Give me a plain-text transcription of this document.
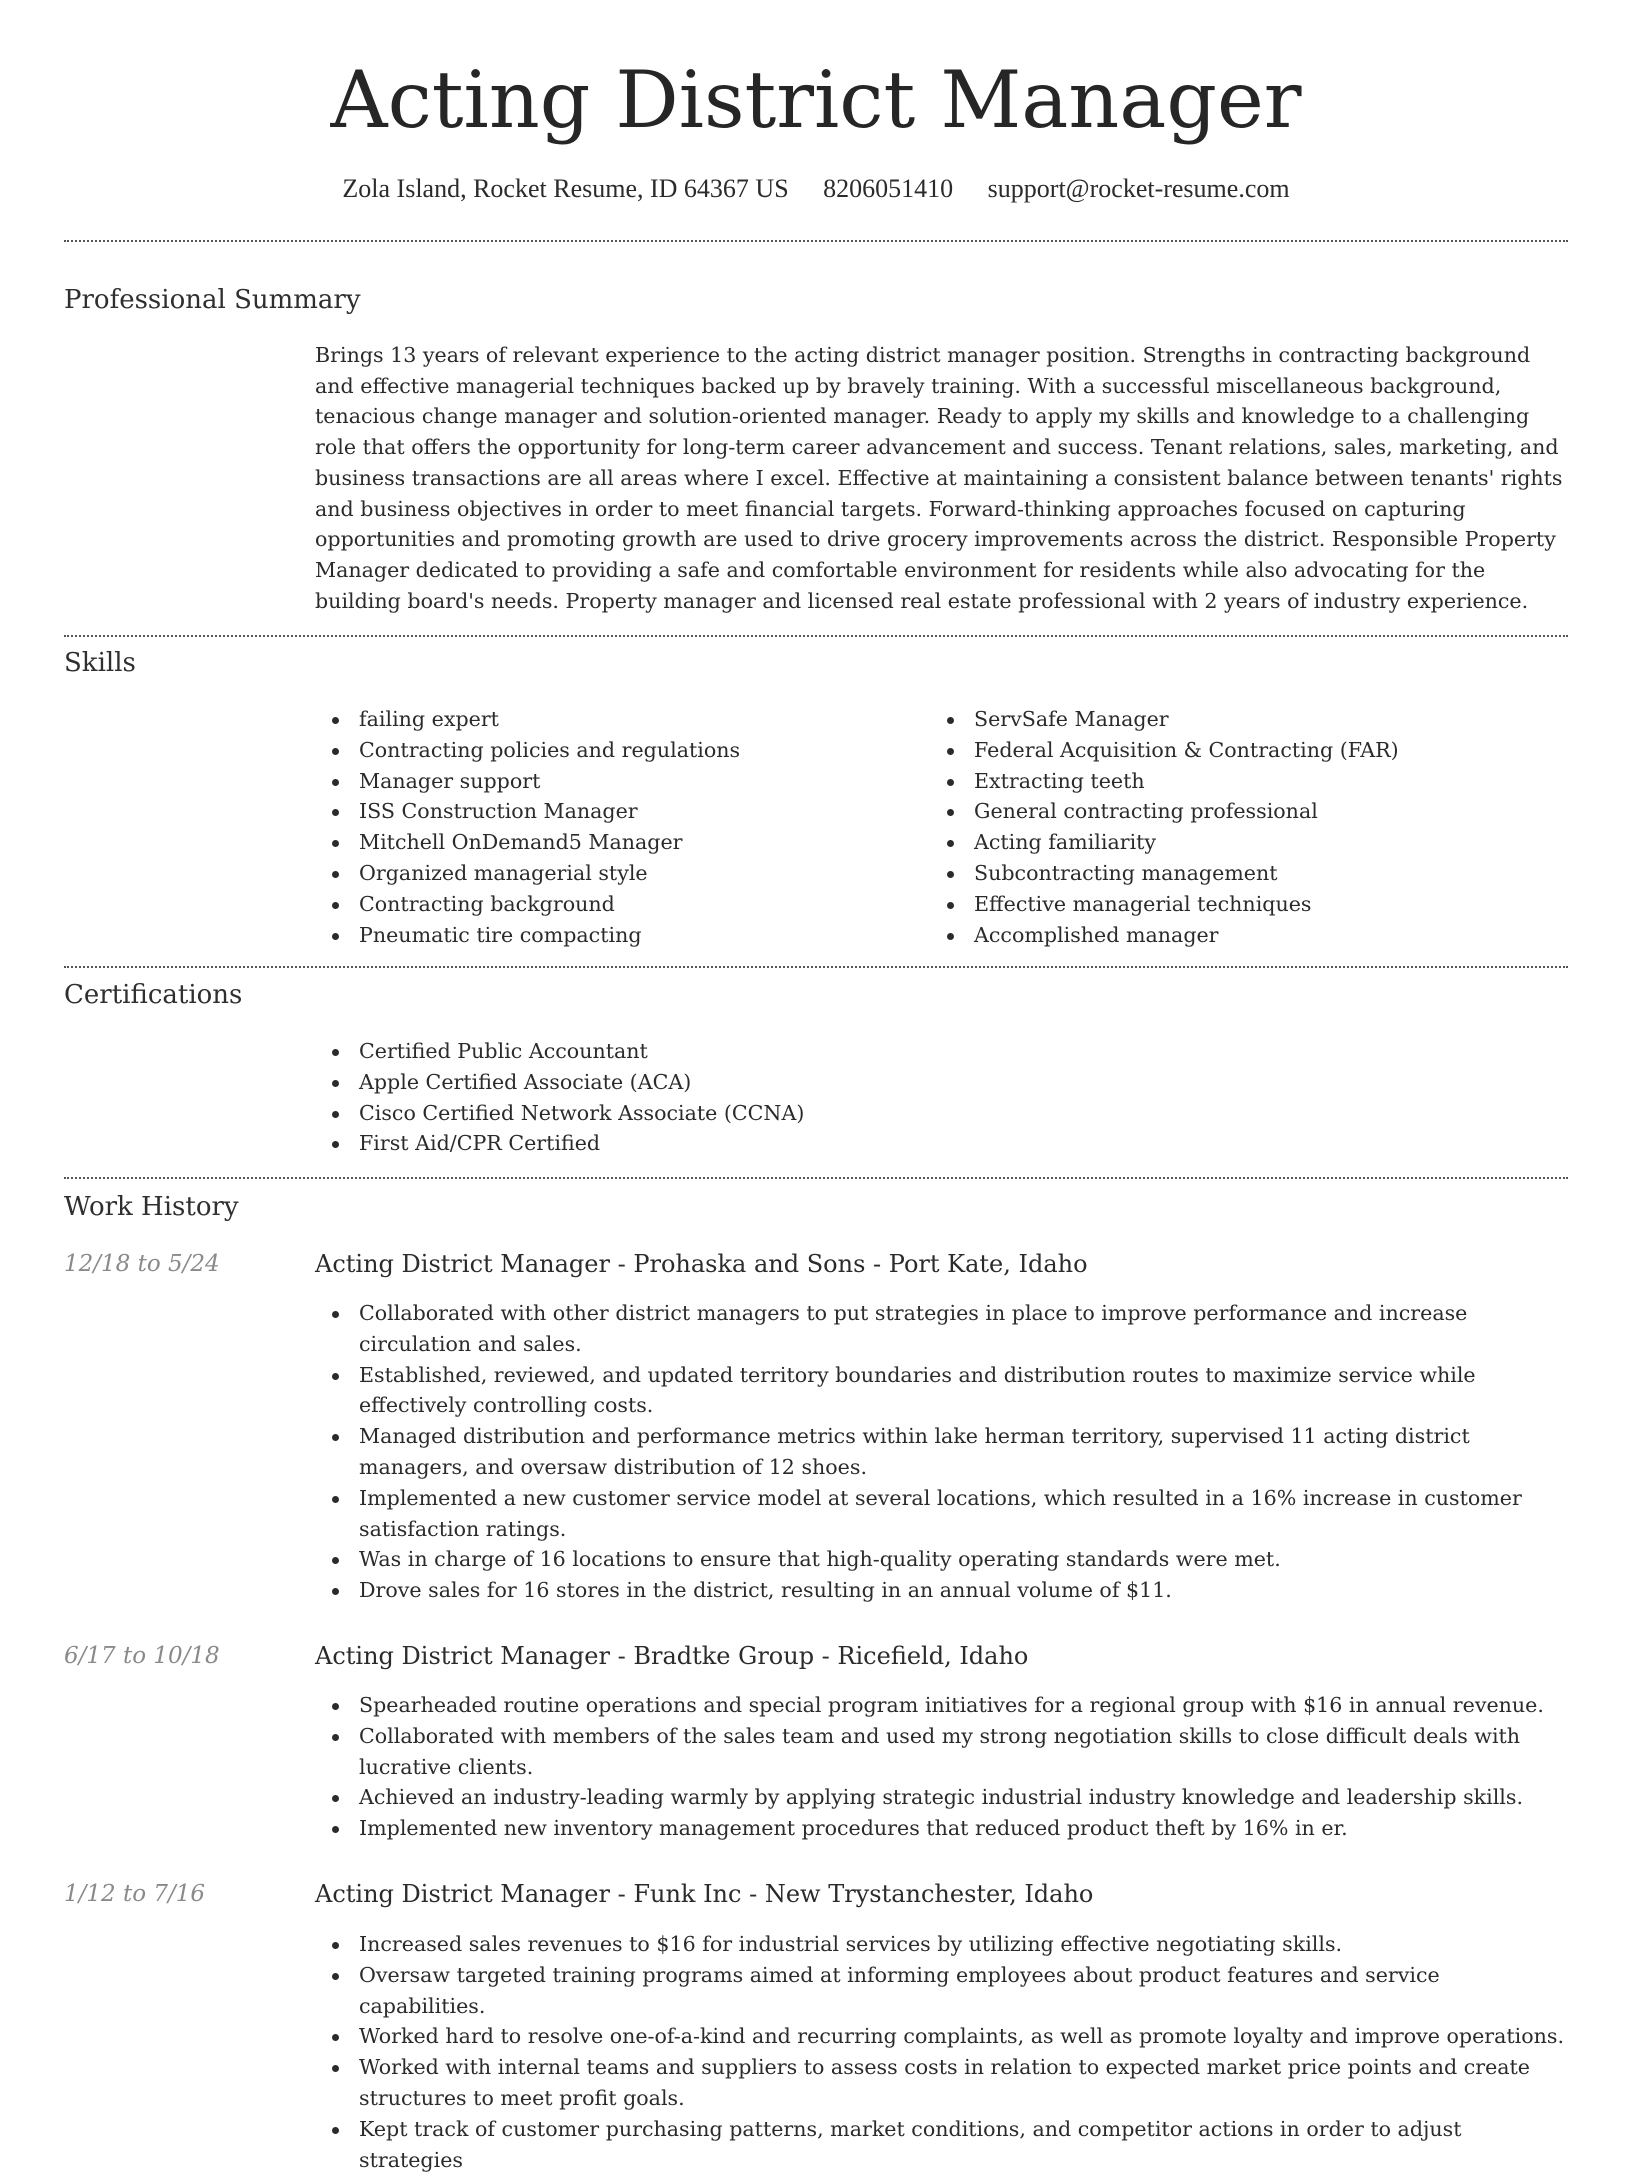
Acting District Manager
Zola Island, Rocket Resume, ID 64367 US 8206051410 support@rocket-resume.com
Professional Summary

Brings 13 years of relevant experience to the acting district manager position. Strengths in contracting background and effective managerial techniques backed up by bravely training. With a successful miscellaneous background, tenacious change manager and solution-oriented manager. Ready to apply my skills and knowledge to a challenging role that offers the opportunity for long-term career advancement and success. Tenant relations, sales, marketing, and business transactions are all areas where I excel. Effective at maintaining a consistent balance between tenants' rights and business objectives in order to meet financial targets. Forward-thinking approaches focused on capturing opportunities and promoting growth are used to drive grocery improvements across the district. Responsible Property Manager dedicated to providing a safe and comfortable environment for residents while also advocating for the building board's needs. Property manager and licensed real estate professional with 2 years of industry experience.

Skills
failing expert
Contracting policies and regulations
Manager support
ISS Construction Manager
Mitchell OnDemand5 Manager
Organized managerial style
Contracting background
Pneumatic tire compacting
ServSafe Manager
Federal Acquisition & Contracting (FAR)
Extracting teeth
General contracting professional
Acting familiarity
Subcontracting management
Effective managerial techniques
Accomplished manager
Certifications
Certified Public Accountant
Apple Certified Associate (ACA)
Cisco Certified Network Associate (CCNA)
First Aid/CPR Certified
Work History
12/18 to 5/24	Acting District Manager - Prohaska and Sons - Port Kate, Idaho
Collaborated with other district managers to put strategies in place to improve performance and increase circulation and sales.
Established, reviewed, and updated territory boundaries and distribution routes to maximize service while effectively controlling costs.
Managed distribution and performance metrics within lake herman territory, supervised 11 acting district managers, and oversaw distribution of 12 shoes.
Implemented a new customer service model at several locations, which resulted in a 16% increase in customer satisfaction ratings.
Was in charge of 16 locations to ensure that high-quality operating standards were met.
Drove sales for 16 stores in the district, resulting in an annual volume of $11.
6/17 to 10/18	Acting District Manager - Bradtke Group - Ricefield, Idaho
Spearheaded routine operations and special program initiatives for a regional group with $16 in annual revenue.
Collaborated with members of the sales team and used my strong negotiation skills to close difficult deals with lucrative clients.
Achieved an industry-leading warmly by applying strategic industrial industry knowledge and leadership skills.
Implemented new inventory management procedures that reduced product theft by 16% in er.
1/12 to 7/16	Acting District Manager - Funk Inc - New Trystanchester, Idaho
Increased sales revenues to $16 for industrial services by utilizing effective negotiating skills.
Oversaw targeted training programs aimed at informing employees about product features and service capabilities.
Worked hard to resolve one-of-a-kind and recurring complaints, as well as promote loyalty and improve operations.
Worked with internal teams and suppliers to assess costs in relation to expected market price points and create structures to meet profit goals.
Kept track of customer purchasing patterns, market conditions, and competitor actions in order to adjust strategies
